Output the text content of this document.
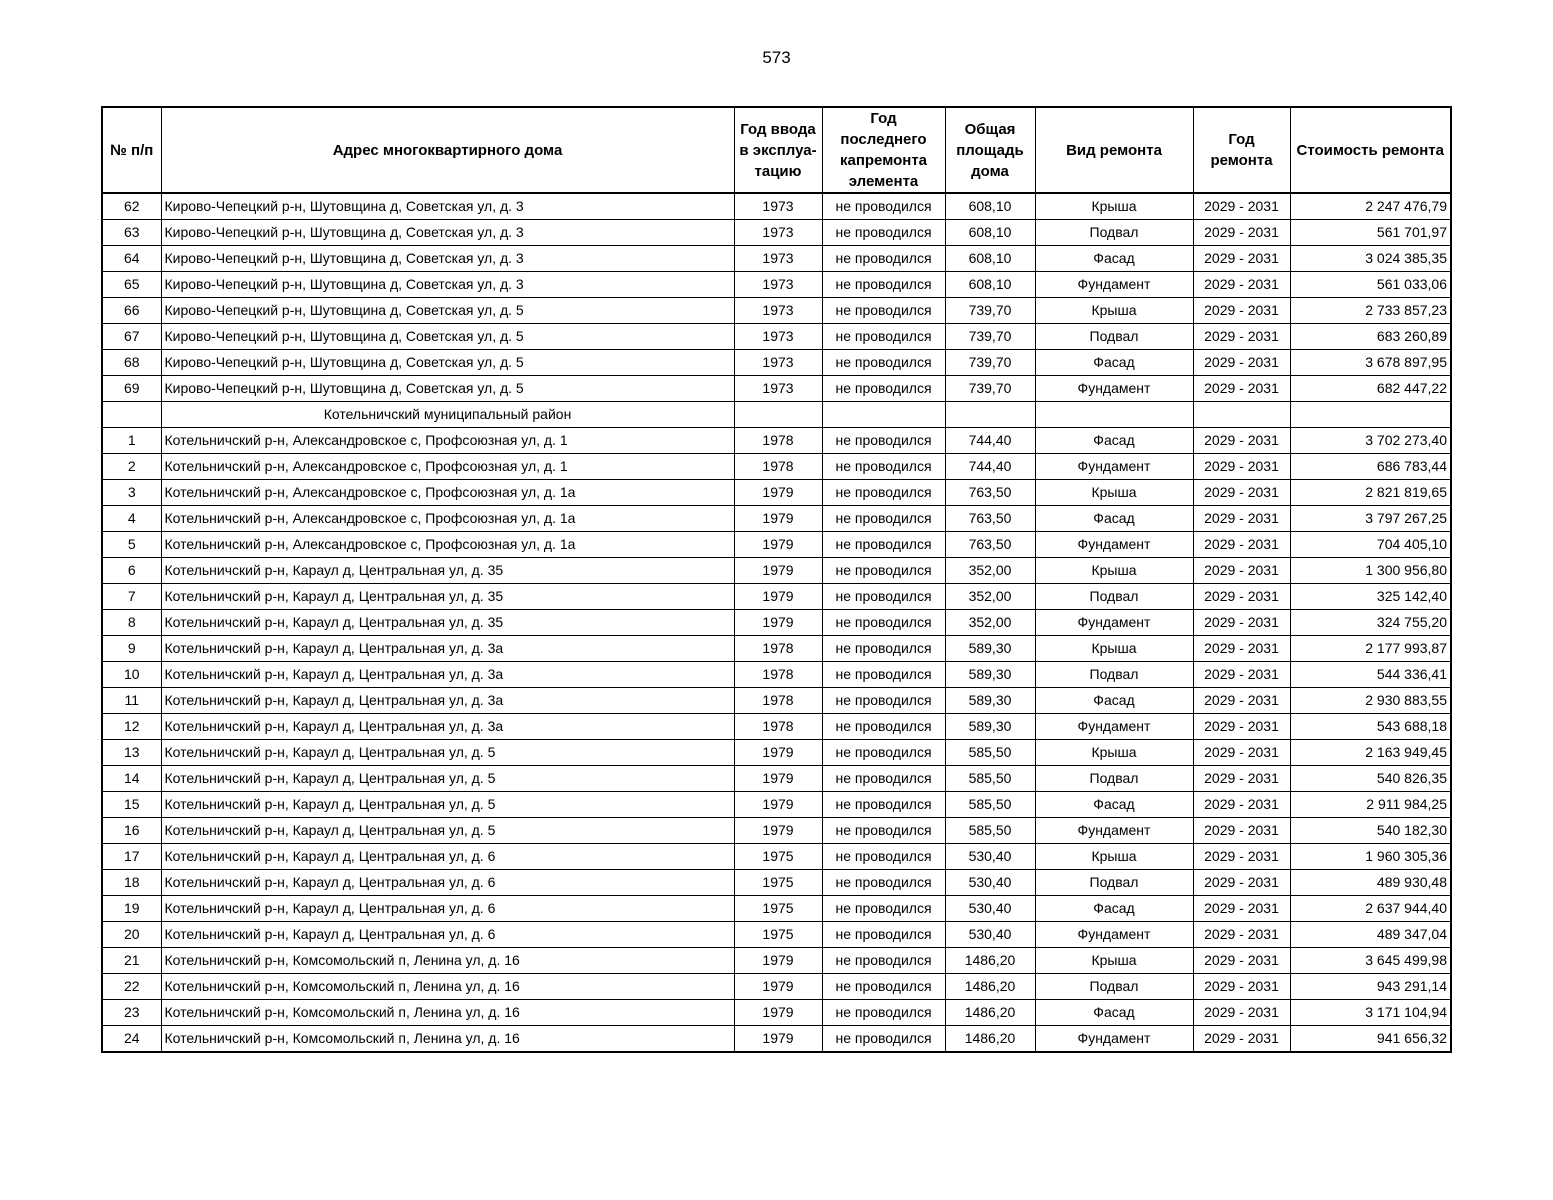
573
№ п/п	Адрес многоквартирного дома	Год ввода в эксплуа-тацию	Год последнего капремонта элемента	Общая площадь дома	Вид ремонта	Год ремонта	Стоимость ремонта
62	Кирово-Чепецкий р-н, Шутовщина д, Советская ул, д. 3	1973	не проводился	608,10	Крыша	2029 - 2031	2 247 476,79
63	Кирово-Чепецкий р-н, Шутовщина д, Советская ул, д. 3	1973	не проводился	608,10	Подвал	2029 - 2031	561 701,97
64	Кирово-Чепецкий р-н, Шутовщина д, Советская ул, д. 3	1973	не проводился	608,10	Фасад	2029 - 2031	3 024 385,35
65	Кирово-Чепецкий р-н, Шутовщина д, Советская ул, д. 3	1973	не проводился	608,10	Фундамент	2029 - 2031	561 033,06
66	Кирово-Чепецкий р-н, Шутовщина д, Советская ул, д. 5	1973	не проводился	739,70	Крыша	2029 - 2031	2 733 857,23
67	Кирово-Чепецкий р-н, Шутовщина д, Советская ул, д. 5	1973	не проводился	739,70	Подвал	2029 - 2031	683 260,89
68	Кирово-Чепецкий р-н, Шутовщина д, Советская ул, д. 5	1973	не проводился	739,70	Фасад	2029 - 2031	3 678 897,95
69	Кирово-Чепецкий р-н, Шутовщина д, Советская ул, д. 5	1973	не проводился	739,70	Фундамент	2029 - 2031	682 447,22
	Котельничский муниципальный район						
1	Котельничский р-н, Александровское с, Профсоюзная ул, д. 1	1978	не проводился	744,40	Фасад	2029 - 2031	3 702 273,40
2	Котельничский р-н, Александровское с, Профсоюзная ул, д. 1	1978	не проводился	744,40	Фундамент	2029 - 2031	686 783,44
3	Котельничский р-н, Александровское с, Профсоюзная ул, д. 1а	1979	не проводился	763,50	Крыша	2029 - 2031	2 821 819,65
4	Котельничский р-н, Александровское с, Профсоюзная ул, д. 1а	1979	не проводился	763,50	Фасад	2029 - 2031	3 797 267,25
5	Котельничский р-н, Александровское с, Профсоюзная ул, д. 1а	1979	не проводился	763,50	Фундамент	2029 - 2031	704 405,10
6	Котельничский р-н, Караул д, Центральная ул, д. 35	1979	не проводился	352,00	Крыша	2029 - 2031	1 300 956,80
7	Котельничский р-н, Караул д, Центральная ул, д. 35	1979	не проводился	352,00	Подвал	2029 - 2031	325 142,40
8	Котельничский р-н, Караул д, Центральная ул, д. 35	1979	не проводился	352,00	Фундамент	2029 - 2031	324 755,20
9	Котельничский р-н, Караул д, Центральная ул, д. 3а	1978	не проводился	589,30	Крыша	2029 - 2031	2 177 993,87
10	Котельничский р-н, Караул д, Центральная ул, д. 3а	1978	не проводился	589,30	Подвал	2029 - 2031	544 336,41
11	Котельничский р-н, Караул д, Центральная ул, д. 3а	1978	не проводился	589,30	Фасад	2029 - 2031	2 930 883,55
12	Котельничский р-н, Караул д, Центральная ул, д. 3а	1978	не проводился	589,30	Фундамент	2029 - 2031	543 688,18
13	Котельничский р-н, Караул д, Центральная ул, д. 5	1979	не проводился	585,50	Крыша	2029 - 2031	2 163 949,45
14	Котельничский р-н, Караул д, Центральная ул, д. 5	1979	не проводился	585,50	Подвал	2029 - 2031	540 826,35
15	Котельничский р-н, Караул д, Центральная ул, д. 5	1979	не проводился	585,50	Фасад	2029 - 2031	2 911 984,25
16	Котельничский р-н, Караул д, Центральная ул, д. 5	1979	не проводился	585,50	Фундамент	2029 - 2031	540 182,30
17	Котельничский р-н, Караул д, Центральная ул, д. 6	1975	не проводился	530,40	Крыша	2029 - 2031	1 960 305,36
18	Котельничский р-н, Караул д, Центральная ул, д. 6	1975	не проводился	530,40	Подвал	2029 - 2031	489 930,48
19	Котельничский р-н, Караул д, Центральная ул, д. 6	1975	не проводился	530,40	Фасад	2029 - 2031	2 637 944,40
20	Котельничский р-н, Караул д, Центральная ул, д. 6	1975	не проводился	530,40	Фундамент	2029 - 2031	489 347,04
21	Котельничский р-н, Комсомольский п, Ленина ул, д. 16	1979	не проводился	1486,20	Крыша	2029 - 2031	3 645 499,98
22	Котельничский р-н, Комсомольский п, Ленина ул, д. 16	1979	не проводился	1486,20	Подвал	2029 - 2031	943 291,14
23	Котельничский р-н, Комсомольский п, Ленина ул, д. 16	1979	не проводился	1486,20	Фасад	2029 - 2031	3 171 104,94
24	Котельничский р-н, Комсомольский п, Ленина ул, д. 16	1979	не проводился	1486,20	Фундамент	2029 - 2031	941 656,32
